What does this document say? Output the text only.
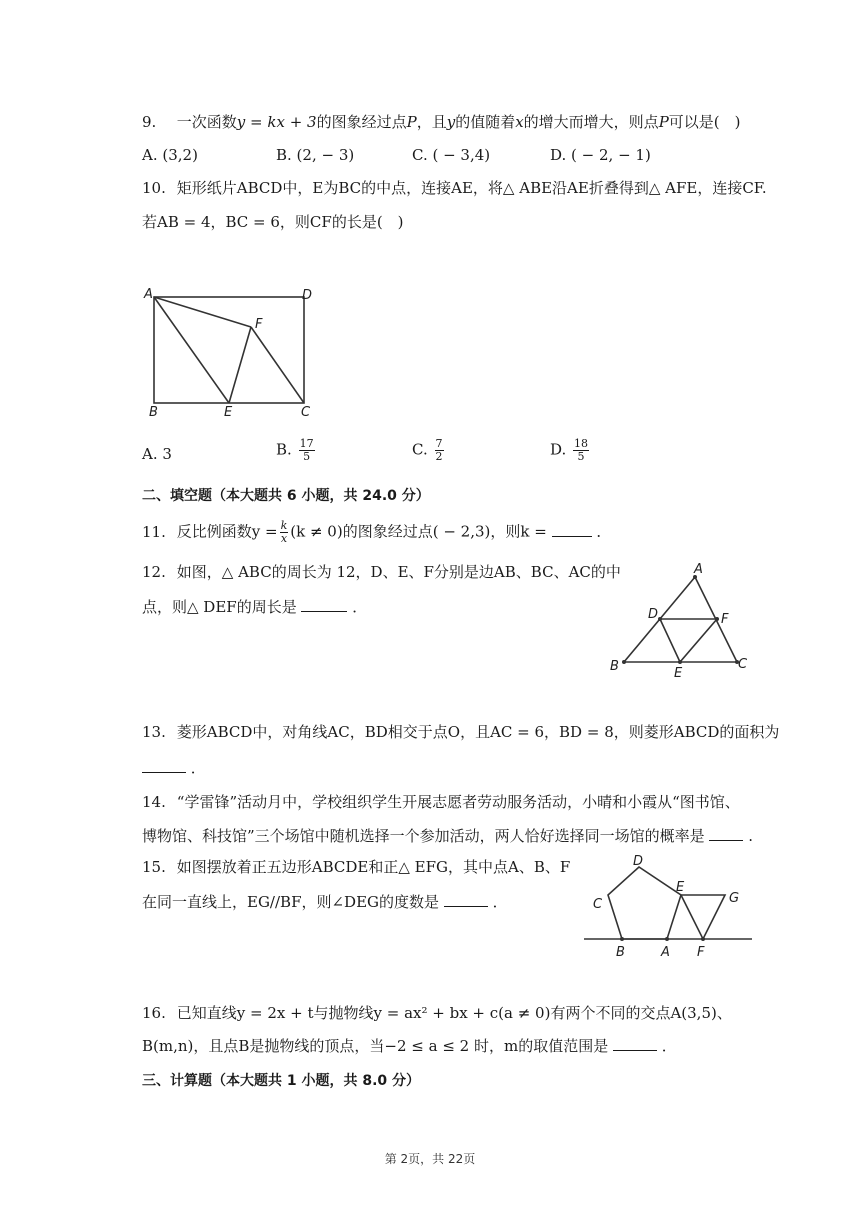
9. 一次函数y = kx + 3的图象经过点P，且y的值随着x的增大而增大，则点P可以是(　)
A. (3,2)	B. (2, − 3)	C. ( − 3,4)	D. ( − 2, − 1)
10. 矩形纸片ABCD中，E为BC的中点，连接AE，将△ ABE沿AE折叠得到△ AFE，连接CF.
若AB = 4，BC = 6，则CF的长是(　)
A	D
F
B	E	C
A. 3	B. $\frac{17}{5}$	C. $\frac{7}{2}$	D. $\frac{18}{5}$
二、填空题（本大题共 6 小题，共 24.0 分）
11. 反比例函数$y = \frac{k}{x} (k \ne 0)$的图象经过点( − 2,3)，则k =	．
12. 如图，△ ABC的周长为 12，D、E、F分别是边AB、BC、AC的中
点，则△ DEF的周长是	．
A
D	F
B	E
C
13. 菱形ABCD中，对角线AC，BD相交于点O，且AC = 6，BD = 8，则菱形ABCD的面积为
．
14. “学雷锋”活动月中，学校组织学生开展志愿者劳动服务活动，小晴和小霞从“图书馆、
博物馆、科技馆”三个场馆中随机选择一个参加活动，两人恰好选择同一场馆的概率是	.
15. 如图摆放着正五边形ABCDE和正△ EFG，其中点A、B、F
在同一直线上，EG//BF，则∠DEG的度数是	．
D
C
E
G
B	A F
16. 已知直线y = 2x + t与抛物线y = ax² + bx + c(a ≠ 0)有两个不同的交点A(3,5)、
B(m,n)，且点B是抛物线的顶点，当−2 ≤ a ≤ 2 时，m的取值范围是	．
三、计算题（本大题共 1 小题，共 8.0 分）
第 2页，共 22页
